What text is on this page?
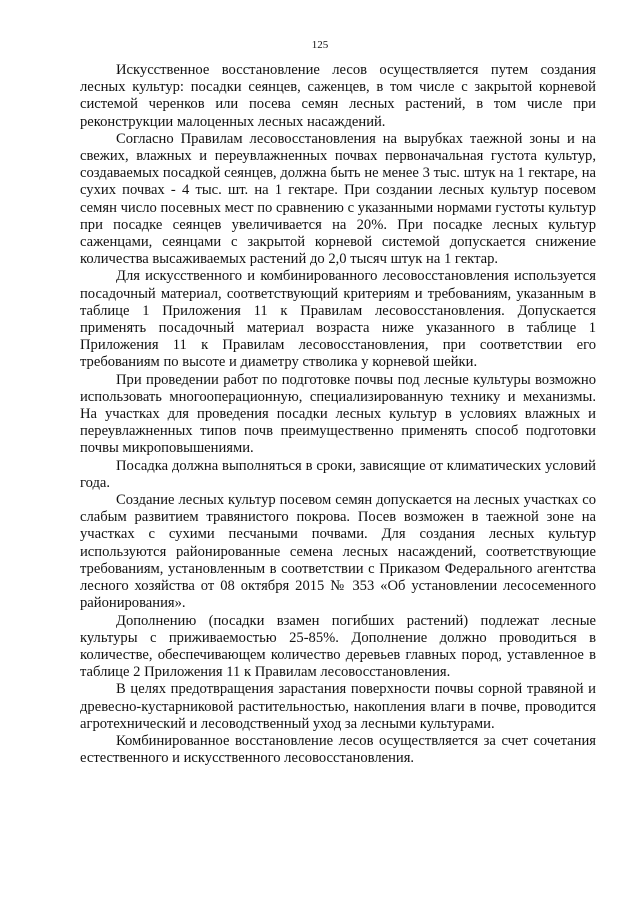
125

Искусственное восстановление лесов осуществляется путем создания лесных культур: посадки сеянцев, саженцев, в том числе с закрытой корневой системой черенков или посева семян лесных растений, в том числе при реконструкции малоценных лесных насаждений.

Согласно Правилам лесовосстановления на вырубках таежной зоны и на свежих, влажных и переувлажненных почвах первоначальная густота культур, создаваемых посадкой сеянцев, должна быть не менее 3 тыс. штук на 1 гектаре, на сухих почвах - 4 тыс. шт. на 1 гектаре. При создании лесных культур посевом семян число посевных мест по сравнению с указанными нормами густоты культур при посадке сеянцев увеличивается на 20%. При посадке лесных культур саженцами, сеянцами с закрытой корневой системой допускается снижение количества высаживаемых растений до 2,0 тысяч штук на 1 гектар.

Для искусственного и комбинированного лесовосстановления используется посадочный материал, соответствующий критериям и требованиям, указанным в таблице 1 Приложения 11 к Правилам лесовосстановления. Допускается применять посадочный материал возраста ниже указанного в таблице 1 Приложения 11 к Правилам лесовосстановления, при соответствии его требованиям по высоте и диаметру стволика у корневой шейки.

При проведении работ по подготовке почвы под лесные культуры возможно использовать многооперационную, специализированную технику и механизмы. На участках для проведения посадки лесных культур в условиях влажных и переувлажненных типов почв преимущественно применять способ подготовки почвы микроповышениями.

Посадка должна выполняться в сроки, зависящие от климатических условий года.

Создание лесных культур посевом семян допускается на лесных участках со слабым развитием травянистого покрова. Посев возможен в таежной зоне на участках с сухими песчаными почвами. Для создания лесных культур используются районированные семена лесных насаждений, соответствующие требованиям, установленным в соответствии с Приказом Федерального агентства лесного хозяйства от 08 октября 2015 № 353 «Об установлении лесосеменного районирования».

Дополнению (посадки взамен погибших растений) подлежат лесные культуры с приживаемостью 25-85%. Дополнение должно проводиться в количестве, обеспечивающем количество деревьев главных пород, уставленное в таблице 2 Приложения 11 к Правилам лесовосстановления.

В целях предотвращения зарастания поверхности почвы сорной травяной и древесно-кустарниковой растительностью, накопления влаги в почве, проводится агротехнический и лесоводственный уход за лесными культурами.

Комбинированное восстановление лесов осуществляется за счет сочетания естественного и искусственного лесовосстановления.
